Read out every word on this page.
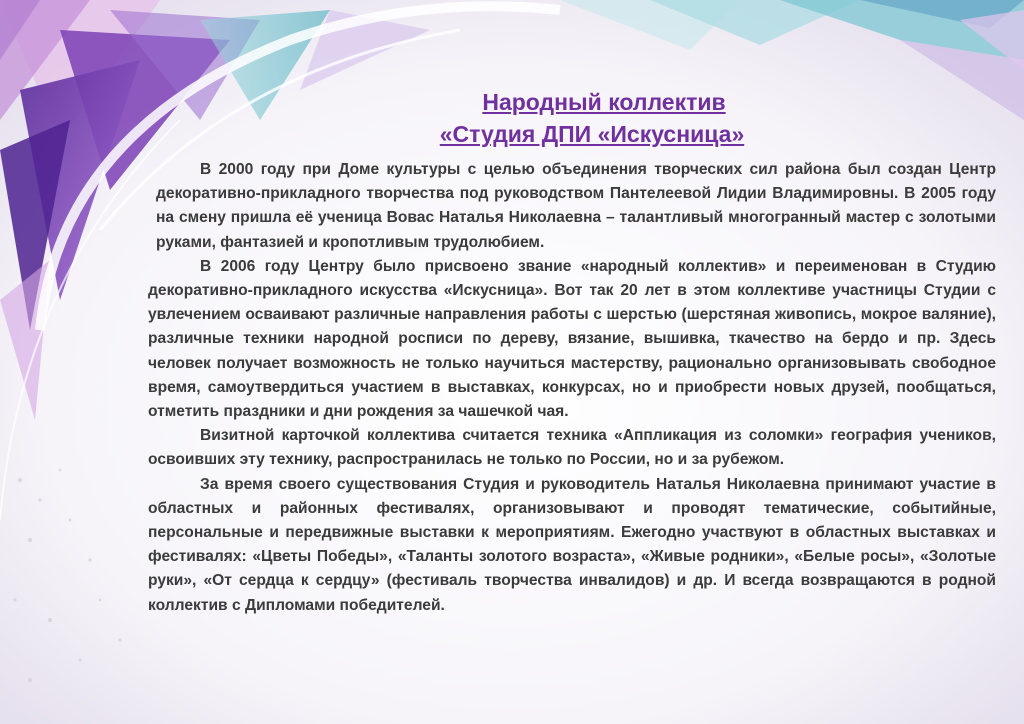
Народный коллектив
«Студия ДПИ «Искусница»

В 2000 году при Доме культуры с целью объединения творческих сил района был создан Центр декоративно-прикладного творчества под руководством Пантелеевой Лидии Владимировны. В 2005 году на смену пришла её ученица Вовас Наталья Николаевна – талантливый многогранный мастер с золотыми руками, фантазией и кропотливым трудолюбием.

В 2006 году Центру было присвоено звание «народный коллектив» и переименован в Студию декоративно-прикладного искусства «Искусница». Вот так 20 лет в этом коллективе участницы Студии с увлечением осваивают различные направления работы с шерстью (шерстяная живопись, мокрое валяние), различные техники народной росписи по дереву, вязание, вышивка, ткачество на бердо и пр. Здесь человек получает возможность не только научиться мастерству, рационально организовывать свободное время, самоутвердиться участием в выставках, конкурсах, но и приобрести новых друзей, пообщаться, отметить праздники и дни рождения за чашечкой чая.

Визитной карточкой коллектива считается техника «Аппликация из соломки» география учеников, освоивших эту технику, распространилась не только по России, но и за рубежом.

За время своего существования Студия и руководитель Наталья Николаевна принимают участие в областных и районных фестивалях, организовывают и проводят тематические, событийные, персональные и передвижные выставки к мероприятиям. Ежегодно участвуют в областных выставках и фестивалях: «Цветы Победы», «Таланты золотого возраста», «Живые родники», «Белые росы», «Золотые руки», «От сердца к сердцу» (фестиваль творчества инвалидов) и др. И всегда возвращаются в родной коллектив с Дипломами победителей.
